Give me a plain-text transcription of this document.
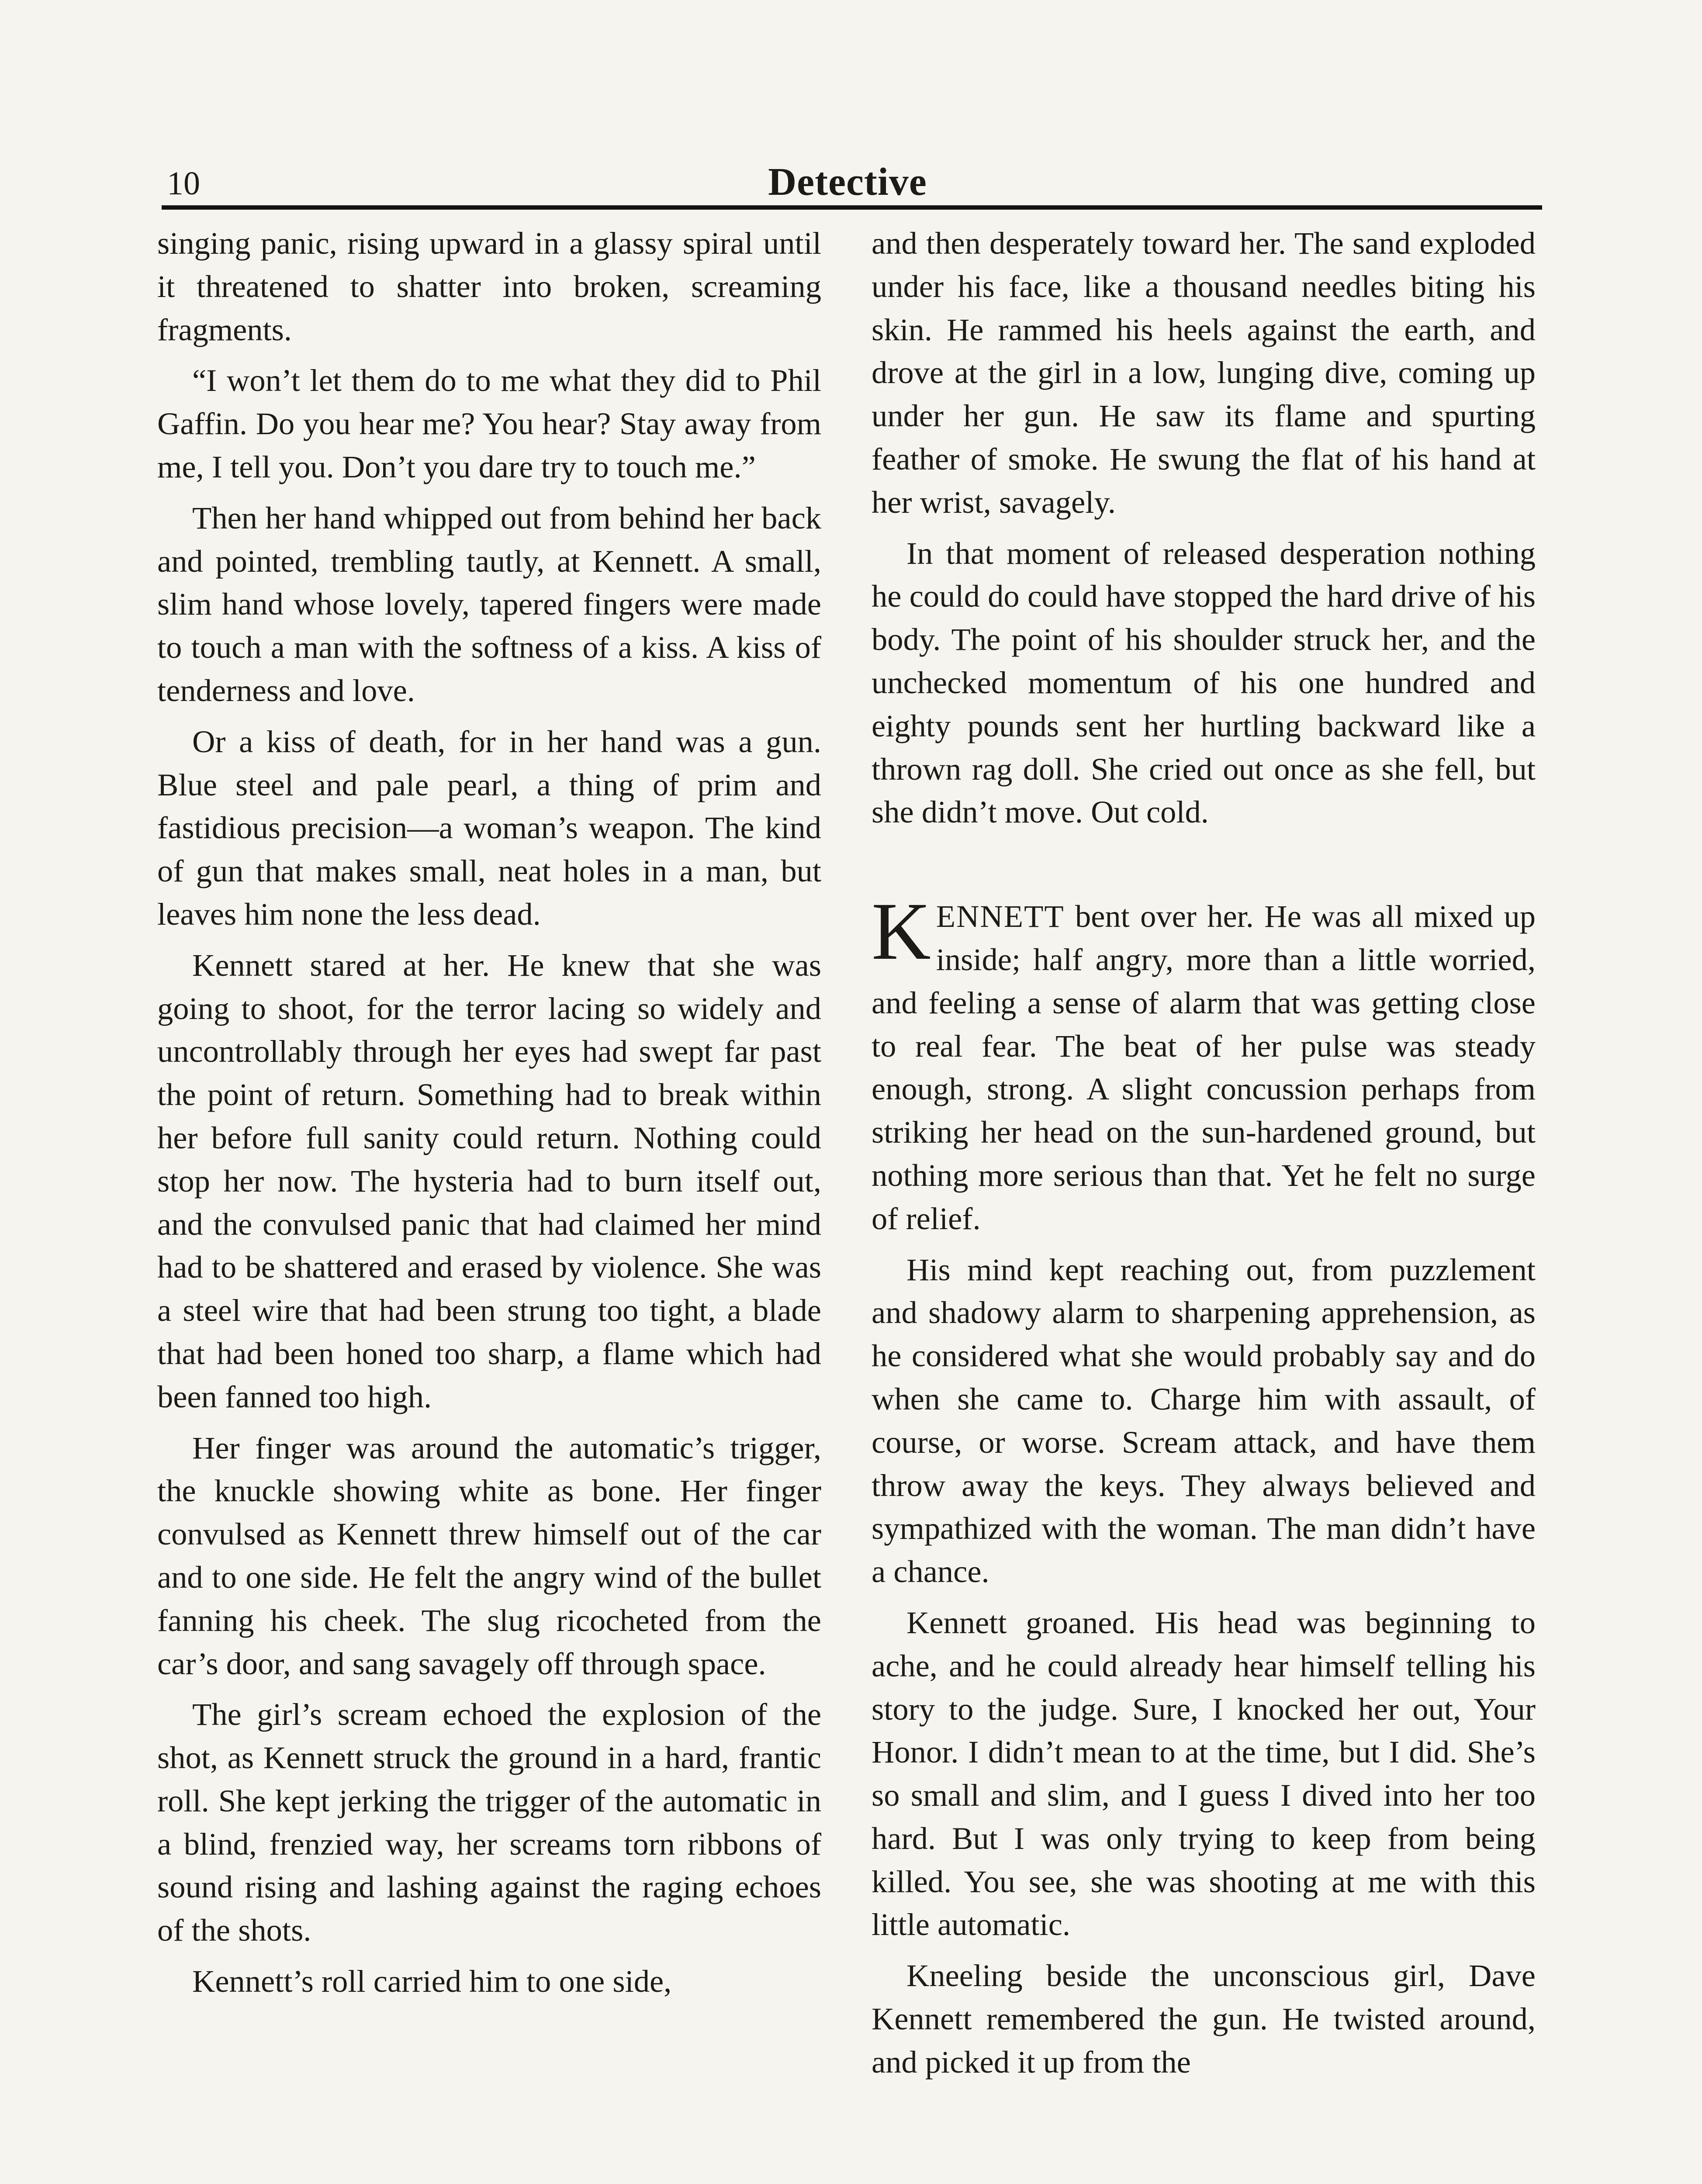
10	Detective

singing panic, rising upward in a glassy spiral until it threatened to shatter into broken, screaming fragments.

“I won’t let them do to me what they did to Phil Gaffin. Do you hear me? You hear? Stay away from me, I tell you. Don’t you dare try to touch me.”

Then her hand whipped out from behind her back and pointed, trembling tautly, at Kennett. A small, slim hand whose lovely, tapered fingers were made to touch a man with the softness of a kiss. A kiss of tenderness and love.

Or a kiss of death, for in her hand was a gun. Blue steel and pale pearl, a thing of prim and fastidious precision—a woman’s weapon. The kind of gun that makes small, neat holes in a man, but leaves him none the less dead.

Kennett stared at her. He knew that she was going to shoot, for the terror lacing so widely and uncontrollably through her eyes had swept far past the point of return. Something had to break within her before full sanity could return. Nothing could stop her now. The hysteria had to burn itself out, and the convulsed panic that had claimed her mind had to be shattered and erased by violence. She was a steel wire that had been strung too tight, a blade that had been honed too sharp, a flame which had been fanned too high.

Her finger was around the automatic’s trigger, the knuckle showing white as bone. Her finger convulsed as Kennett threw himself out of the car and to one side. He felt the angry wind of the bullet fanning his cheek. The slug ricocheted from the car’s door, and sang savagely off through space.

The girl’s scream echoed the explosion of the shot, as Kennett struck the ground in a hard, frantic roll. She kept jerking the trigger of the automatic in a blind, frenzied way, her screams torn ribbons of sound rising and lashing against the raging echoes of the shots.

Kennett’s roll carried him to one side,

and then desperately toward her. The sand exploded under his face, like a thousand needles biting his skin. He rammed his heels against the earth, and drove at the girl in a low, lunging dive, coming up under her gun. He saw its flame and spurting feather of smoke. He swung the flat of his hand at her wrist, savagely.

In that moment of released desperation nothing he could do could have stopped the hard drive of his body. The point of his shoulder struck her, and the unchecked momentum of his one hundred and eighty pounds sent her hurtling backward like a thrown rag doll. She cried out once as she fell, but she didn’t move. Out cold.

KENNETT bent over her. He was all mixed up inside; half angry, more than a little worried, and feeling a sense of alarm that was getting close to real fear. The beat of her pulse was steady enough, strong. A slight concussion perhaps from striking her head on the sun-hardened ground, but nothing more serious than that. Yet he felt no surge of relief.

His mind kept reaching out, from puzzlement and shadowy alarm to sharpening apprehension, as he considered what she would probably say and do when she came to. Charge him with assault, of course, or worse. Scream attack, and have them throw away the keys. They always believed and sympathized with the woman. The man didn’t have a chance.

Kennett groaned. His head was beginning to ache, and he could already hear himself telling his story to the judge. Sure, I knocked her out, Your Honor. I didn’t mean to at the time, but I did. She’s so small and slim, and I guess I dived into her too hard. But I was only trying to keep from being killed. You see, she was shooting at me with this little automatic.

Kneeling beside the unconscious girl, Dave Kennett remembered the gun. He twisted around, and picked it up from the
